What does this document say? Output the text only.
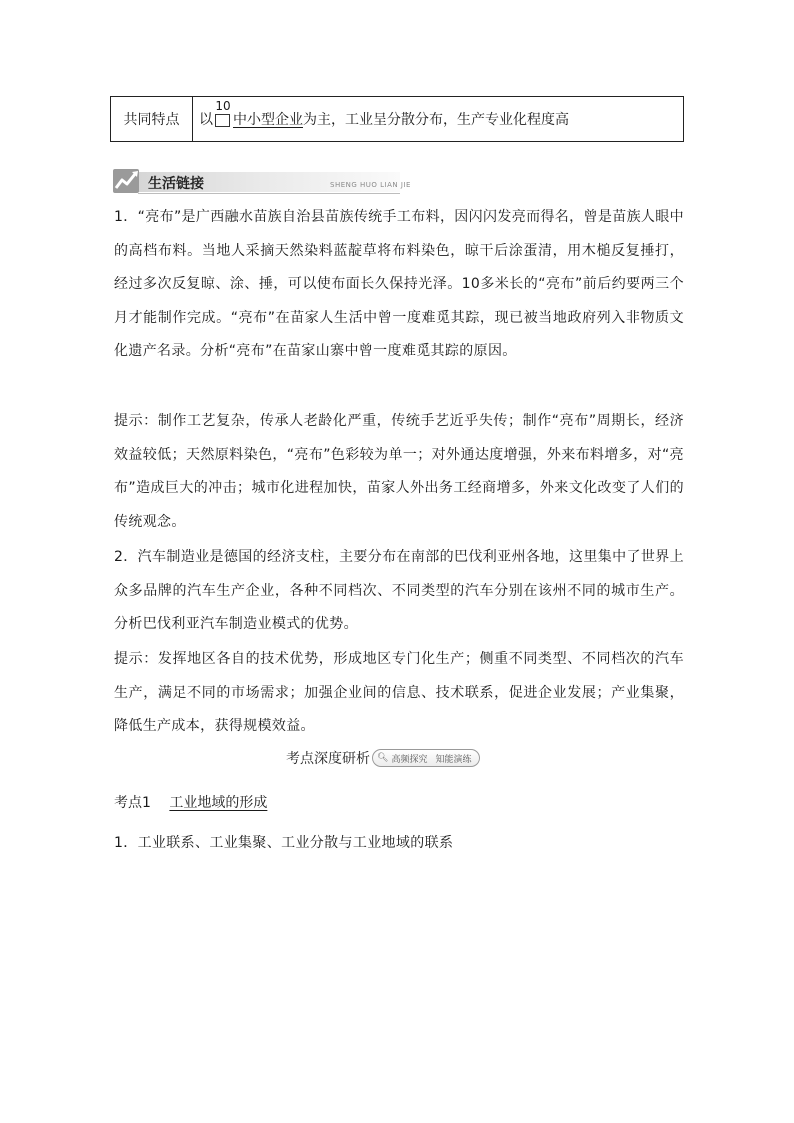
共同特点 以
10
中小型企业 为主，工业呈分散分布，生产专业化程度高
生活链接	SHENG HUO LIAN JIE
1．“亮布”是广西融水苗族自治县苗族传统手工布料，因闪闪发亮而得名，曾是苗族人眼中的高档布料。当地人采摘天然染料蓝靛草将布料染色，晾干后涂蛋清，用木槌反复捶打，经过多次反复晾、涂、捶，可以使布面长久保持光泽。10多米长的“亮布”前后约要两三个月才能制作完成。“亮布”在苗家人生活中曾一度难觅其踪，现已被当地政府列入非物质文化遗产名录。分析“亮布”在苗家山寨中曾一度难觅其踪的原因。
提示：制作工艺复杂，传承人老龄化严重，传统手艺近乎失传；制作“亮布”周期长，经济效益较低；天然原料染色，“亮布”色彩较为单一；对外通达度增强，外来布料增多，对“亮布”造成巨大的冲击；城市化进程加快，苗家人外出务工经商增多，外来文化改变了人们的传统观念。
2．汽车制造业是德国的经济支柱，主要分布在南部的巴伐利亚州各地，这里集中了世界上众多品牌的汽车生产企业，各种不同档次、不同类型的汽车分别在该州不同的城市生产。分析巴伐利亚汽车制造业模式的优势。
提示：发挥地区各自的技术优势，形成地区专门化生产；侧重不同类型、不同档次的汽车生产，满足不同的市场需求；加强企业间的信息、技术联系，促进企业发展；产业集聚，降低生产成本，获得规模效益。
考点深度研析 🔍︎ 高频探究 知能演练
考点1 工业地域的形成
1．工业联系、工业集聚、工业分散与工业地域的联系
